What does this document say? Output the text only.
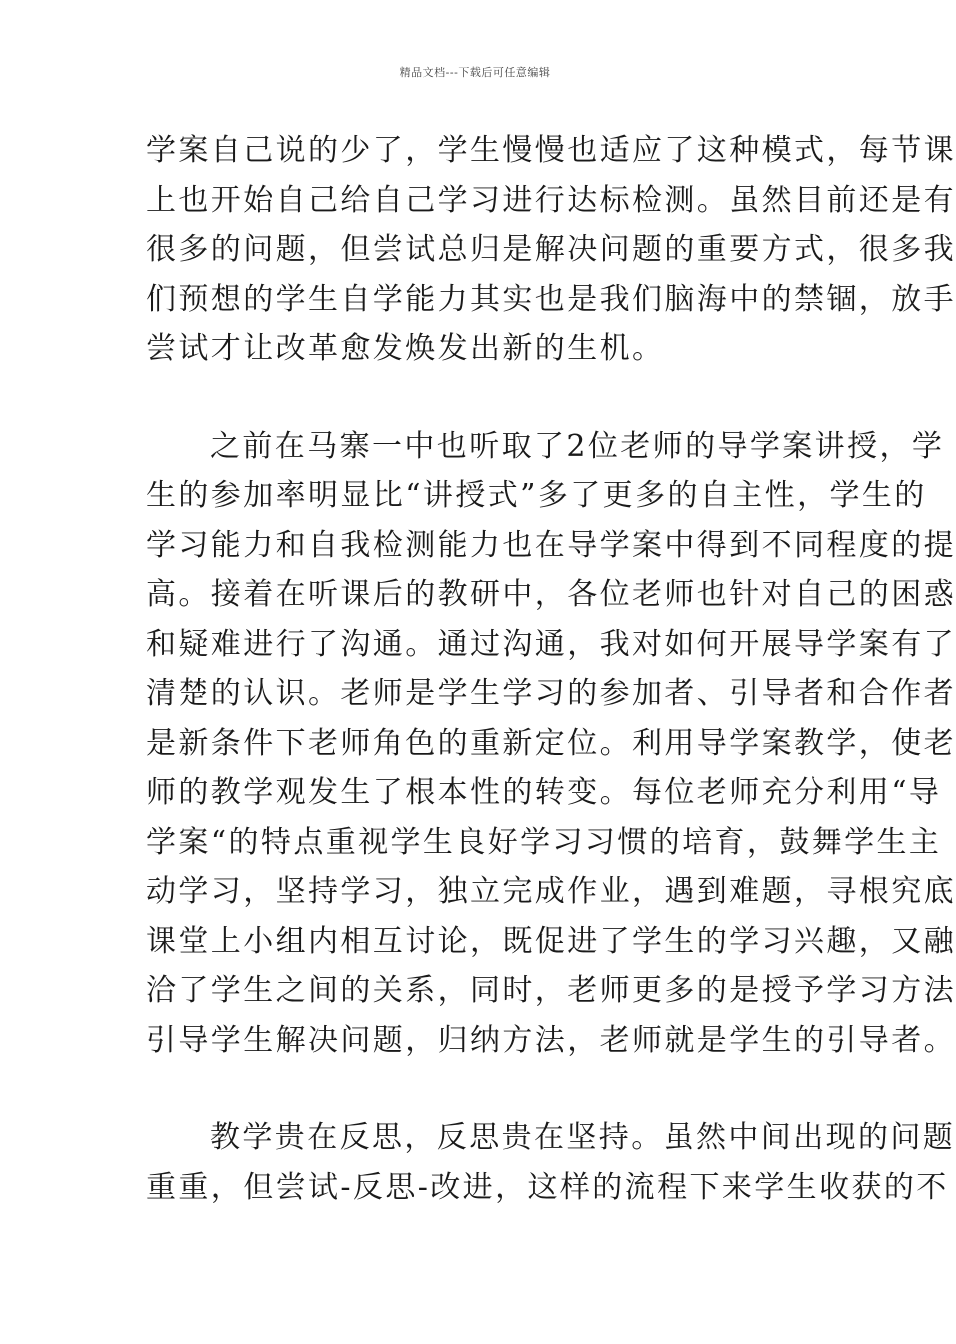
精品文档---下载后可任意编辑
学案自己说的少了，学生慢慢也适应了这种模式，每节课
上也开始自己给自己学习进行达标检测。虽然目前还是有
很多的问题，但尝试总归是解决问题的重要方式，很多我
们预想的学生自学能力其实也是我们脑海中的禁锢，放手
尝试才让改革愈发焕发出新的生机。
之前在马寨一中也听取了2位老师的导学案讲授，学
生的参加率明显比“讲授式”多了更多的自主性，学生的
学习能力和自我检测能力也在导学案中得到不同程度的提
高。接着在听课后的教研中，各位老师也针对自己的困惑
和疑难进行了沟通。通过沟通，我对如何开展导学案有了
清楚的认识。老师是学生学习的参加者、引导者和合作者
是新条件下老师角色的重新定位。利用导学案教学，使老
师的教学观发生了根本性的转变。每位老师充分利用“导
学案“的特点重视学生良好学习习惯的培育，鼓舞学生主
动学习，坚持学习，独立完成作业，遇到难题，寻根究底
课堂上小组内相互讨论，既促进了学生的学习兴趣，又融
洽了学生之间的关系，同时，老师更多的是授予学习方法
引导学生解决问题，归纳方法，老师就是学生的引导者。
教学贵在反思，反思贵在坚持。虽然中间出现的问题
重重，但尝试-反思-改进，这样的流程下来学生收获的不
